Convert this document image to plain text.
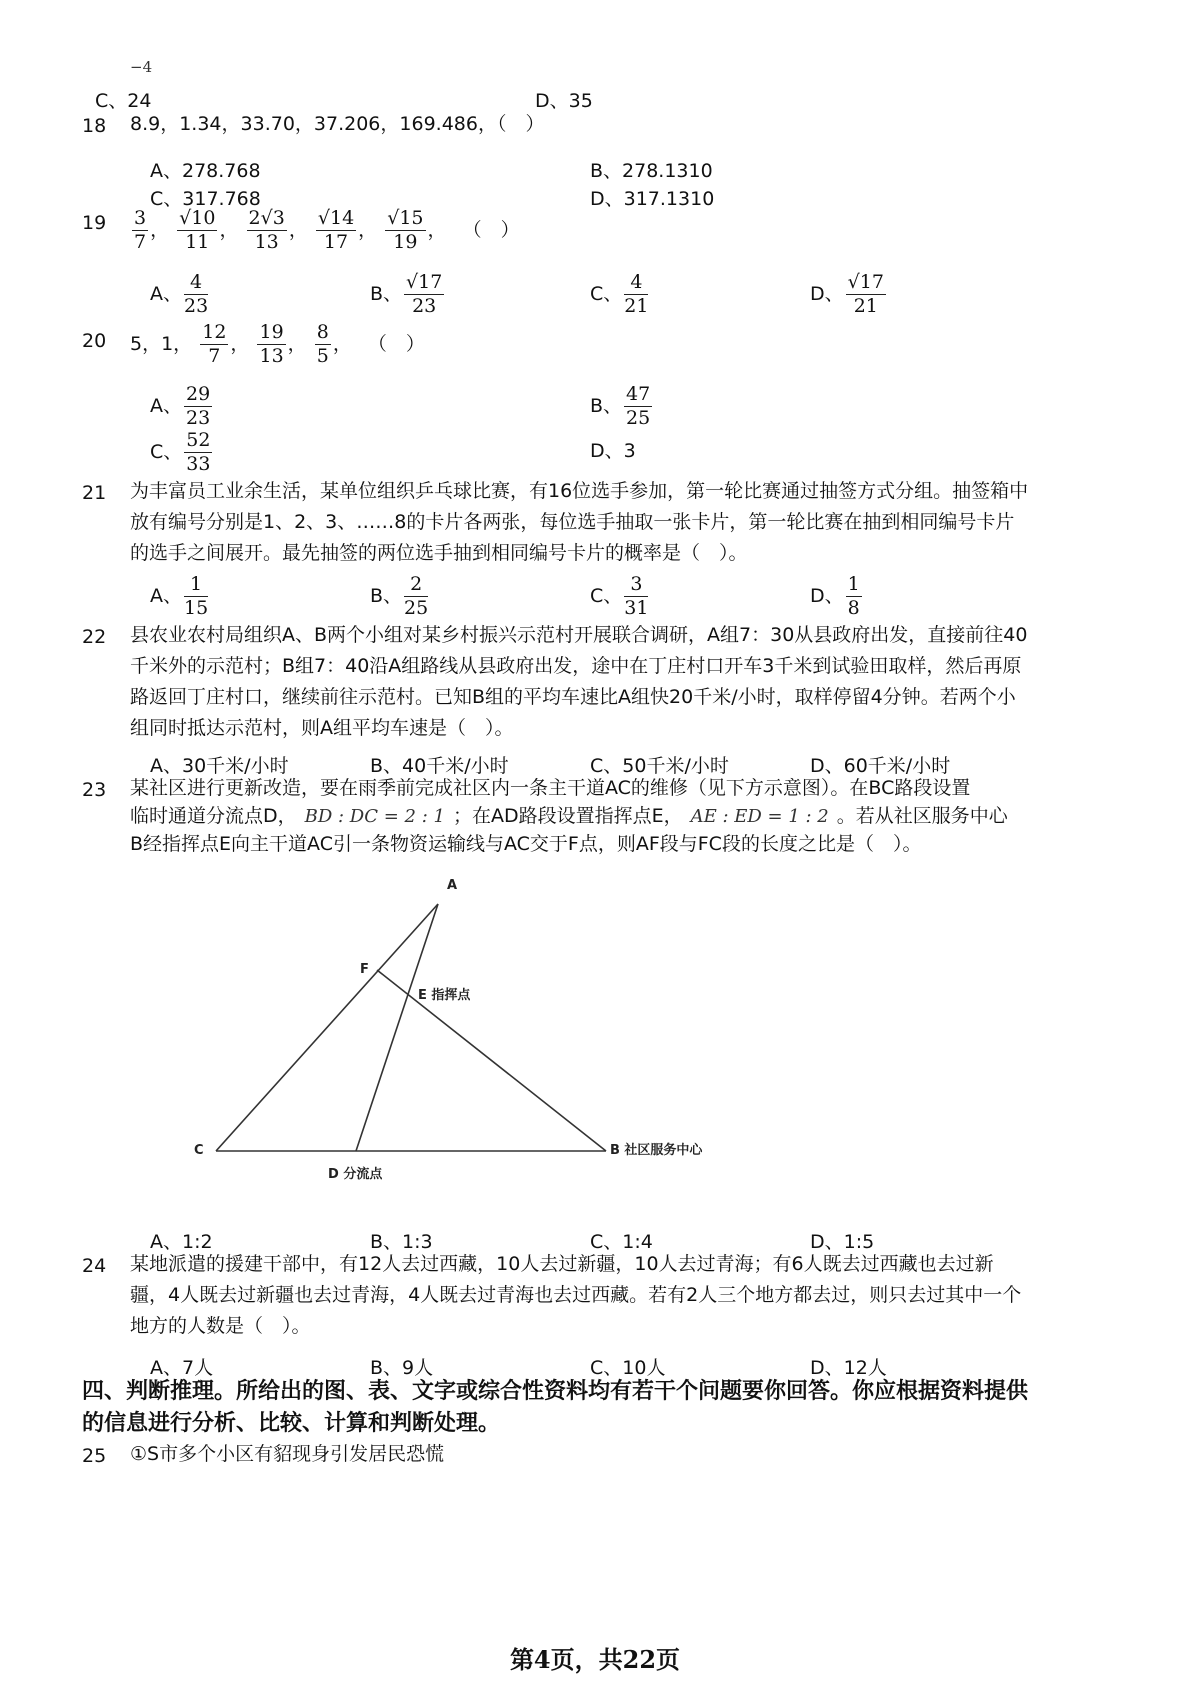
−4
C、24	D、35
18 8.9，1.34，33.70，37.206，169.486，（　）
A、278.768	B、278.1310
C、317.768	D、317.1310
$19 \frac{3}{7}$ ， $\frac{√10}{11}$ ， $\frac{2√3}{13}$ ， $\frac{√14}{17}$ ， $\frac{√15}{19}$ ， （　）
A、 $\frac{4}{23}$	B、 $\frac{√17}{23}$	C、 $\frac{4}{21}$	D、 $\frac{√17}{21}$
20 5，1， $\frac{12}{7}$ ， $\frac{19}{13}$ ， $\frac{8}{5}$ ， （　）
A、 $\frac{29}{23}$	B、 $\frac{47}{25}$
C、 $\frac{52}{33}$	D、3
21 为丰富员工业余生活，某单位组织乒乓球比赛，有16位选手参加，第一轮比赛通过抽签方式分组。抽签箱中放有编号分别是1、2、3、……8的卡片各两张，每位选手抽取一张卡片，第一轮比赛在抽到相同编号卡片的选手之间展开。最先抽签的两位选手抽到相同编号卡片的概率是（　）。
A、 $\frac{1}{15}$	B、 $\frac{2}{25}$	C、 $\frac{3}{31}$	D、 $\frac{1}{8}$
22 县农业农村局组织A、B两个小组对某乡村振兴示范村开展联合调研，A组7：30从县政府出发，直接前往40千米外的示范村；B组7：40沿A组路线从县政府出发，途中在丁庄村口开车3千米到试验田取样，然后再原路返回丁庄村口，继续前往示范村。已知B组的平均车速比A组快20千米/小时，取样停留4分钟。若两个小组同时抵达示范村，则A组平均车速是（　）。
A、30千米/小时	B、40千米/小时	C、50千米/小时	D、60千米/小时
23 某社区进行更新改造，要在雨季前完成社区内一条主干道AC的维修（见下方示意图）。在BC路段设置
临时通道分流点D， BD : DC = 2 : 1 ；在AD路段设置指挥点E， AE : ED = 1 : 2 。若从社区服务中心
B经指挥点E向主干道AC引一条物资运输线与AC交于F点，则AF段与FC段的长度之比是（　）。
A
F
E 指挥点
C	B 社区服务中心
D 分流点
A、1:2	B、1:3	C、1:4	D、1:5
24 某地派遣的援建干部中，有12人去过西藏，10人去过新疆，10人去过青海；有6人既去过西藏也去过新疆，4人既去过新疆也去过青海，4人既去过青海也去过西藏。若有2人三个地方都去过，则只去过其中一个地方的人数是（　）。
A、7人	B、9人	C、10人	D、12人
四、判断推理。所给出的图、表、文字或综合性资料均有若干个问题要你回答。你应根据资料提供的信息进行分析、比较、计算和判断处理。
25 ①S市多个小区有貂现身引发居民恐慌
第4页，共22页
